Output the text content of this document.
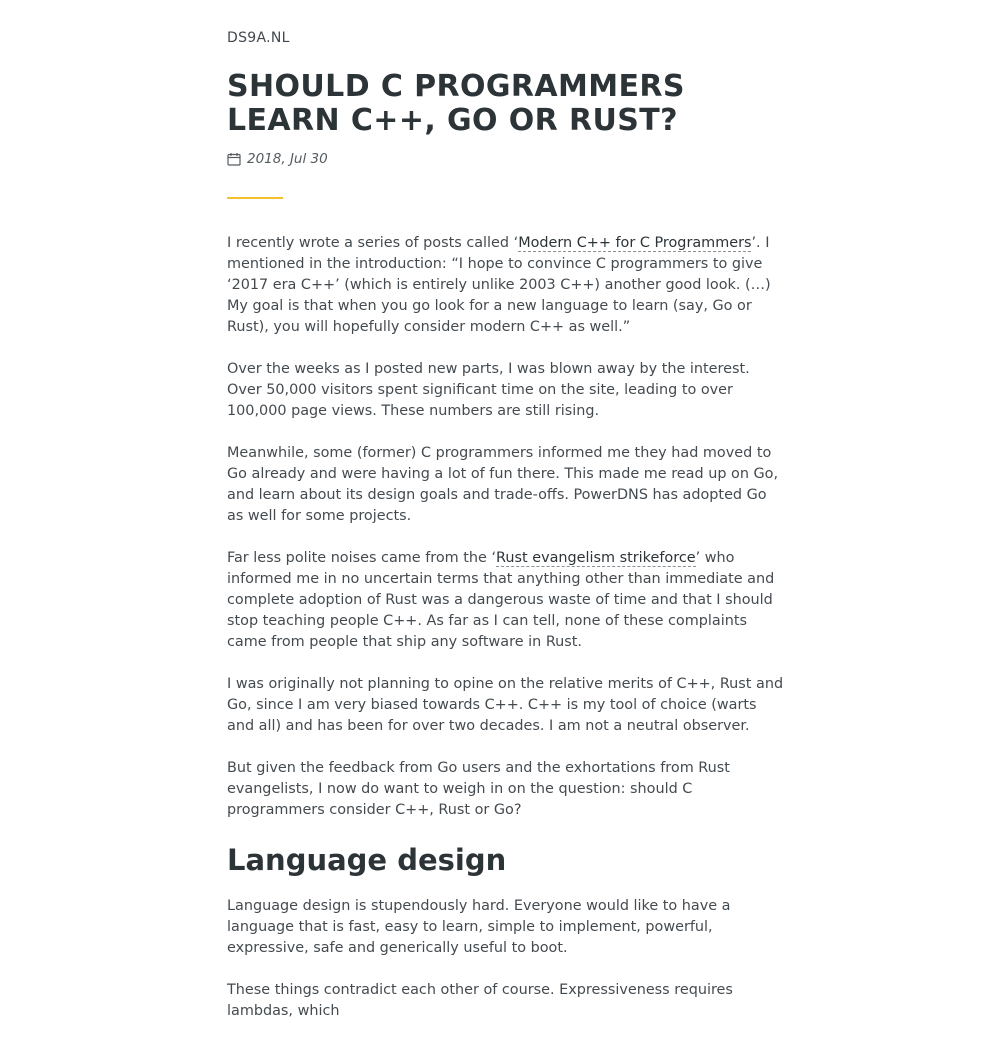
DS9A.NL
SHOULD C PROGRAMMERS LEARN C++, GO OR RUST?
2018, Jul 30

I recently wrote a series of posts called ‘Modern C++ for C Programmers’. I mentioned in the introduction: “I hope to convince C programmers to give ‘2017 era C++’ (which is entirely unlike 2003 C++) another good look. (…) My goal is that when you go look for a new language to learn (say, Go or Rust), you will hopefully consider modern C++ as well.”

Over the weeks as I posted new parts, I was blown away by the interest. Over 50,000 visitors spent significant time on the site, leading to over 100,000 page views. These numbers are still rising.

Meanwhile, some (former) C programmers informed me they had moved to Go already and were having a lot of fun there. This made me read up on Go, and learn about its design goals and trade-offs. PowerDNS has adopted Go as well for some projects.

Far less polite noises came from the ‘Rust evangelism strikeforce’ who informed me in no uncertain terms that anything other than immediate and complete adoption of Rust was a dangerous waste of time and that I should stop teaching people C++. As far as I can tell, none of these complaints came from people that ship any software in Rust.

I was originally not planning to opine on the relative merits of C++, Rust and Go, since I am very biased towards C++. C++ is my tool of choice (warts and all) and has been for over two decades. I am not a neutral observer.

But given the feedback from Go users and the exhortations from Rust evangelists, I now do want to weigh in on the question: should C programmers consider C++, Rust or Go?

Language design

Language design is stupendously hard. Everyone would like to have a language that is fast, easy to learn, simple to implement, powerful, expressive, safe and generically useful to boot.

These things contradict each other of course. Expressiveness requires lambdas, which
